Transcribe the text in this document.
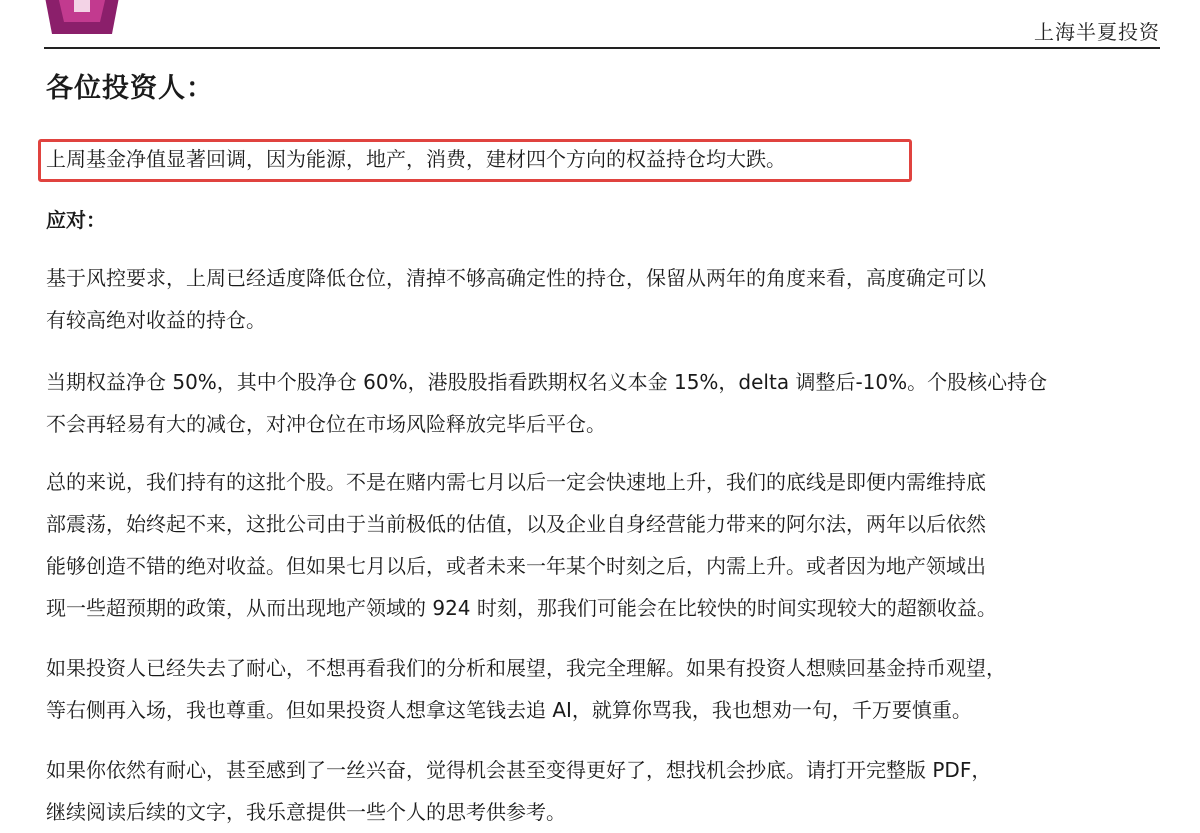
上海半夏投资
各位投资人：

上周基金净值显著回调，因为能源，地产，消费，建材四个方向的权益持仓均大跌。

应对：

基于风控要求，上周已经适度降低仓位，清掉不够高确定性的持仓，保留从两年的角度来看，高度确定可以

有较高绝对收益的持仓。

当期权益净仓 50%，其中个股净仓 60%，港股股指看跌期权名义本金 15%，delta 调整后-10%。个股核心持仓

不会再轻易有大的减仓，对冲仓位在市场风险释放完毕后平仓。

总的来说，我们持有的这批个股。不是在赌内需七月以后一定会快速地上升，我们的底线是即便内需维持底

部震荡，始终起不来，这批公司由于当前极低的估值，以及企业自身经营能力带来的阿尔法，两年以后依然

能够创造不错的绝对收益。但如果七月以后，或者未来一年某个时刻之后，内需上升。或者因为地产领域出

现一些超预期的政策，从而出现地产领域的 924 时刻，那我们可能会在比较快的时间实现较大的超额收益。

如果投资人已经失去了耐心，不想再看我们的分析和展望，我完全理解。如果有投资人想赎回基金持币观望，

等右侧再入场，我也尊重。但如果投资人想拿这笔钱去追 AI，就算你骂我，我也想劝一句，千万要慎重。

如果你依然有耐心，甚至感到了一丝兴奋，觉得机会甚至变得更好了，想找机会抄底。请打开完整版 PDF，

继续阅读后续的文字，我乐意提供一些个人的思考供参考。
